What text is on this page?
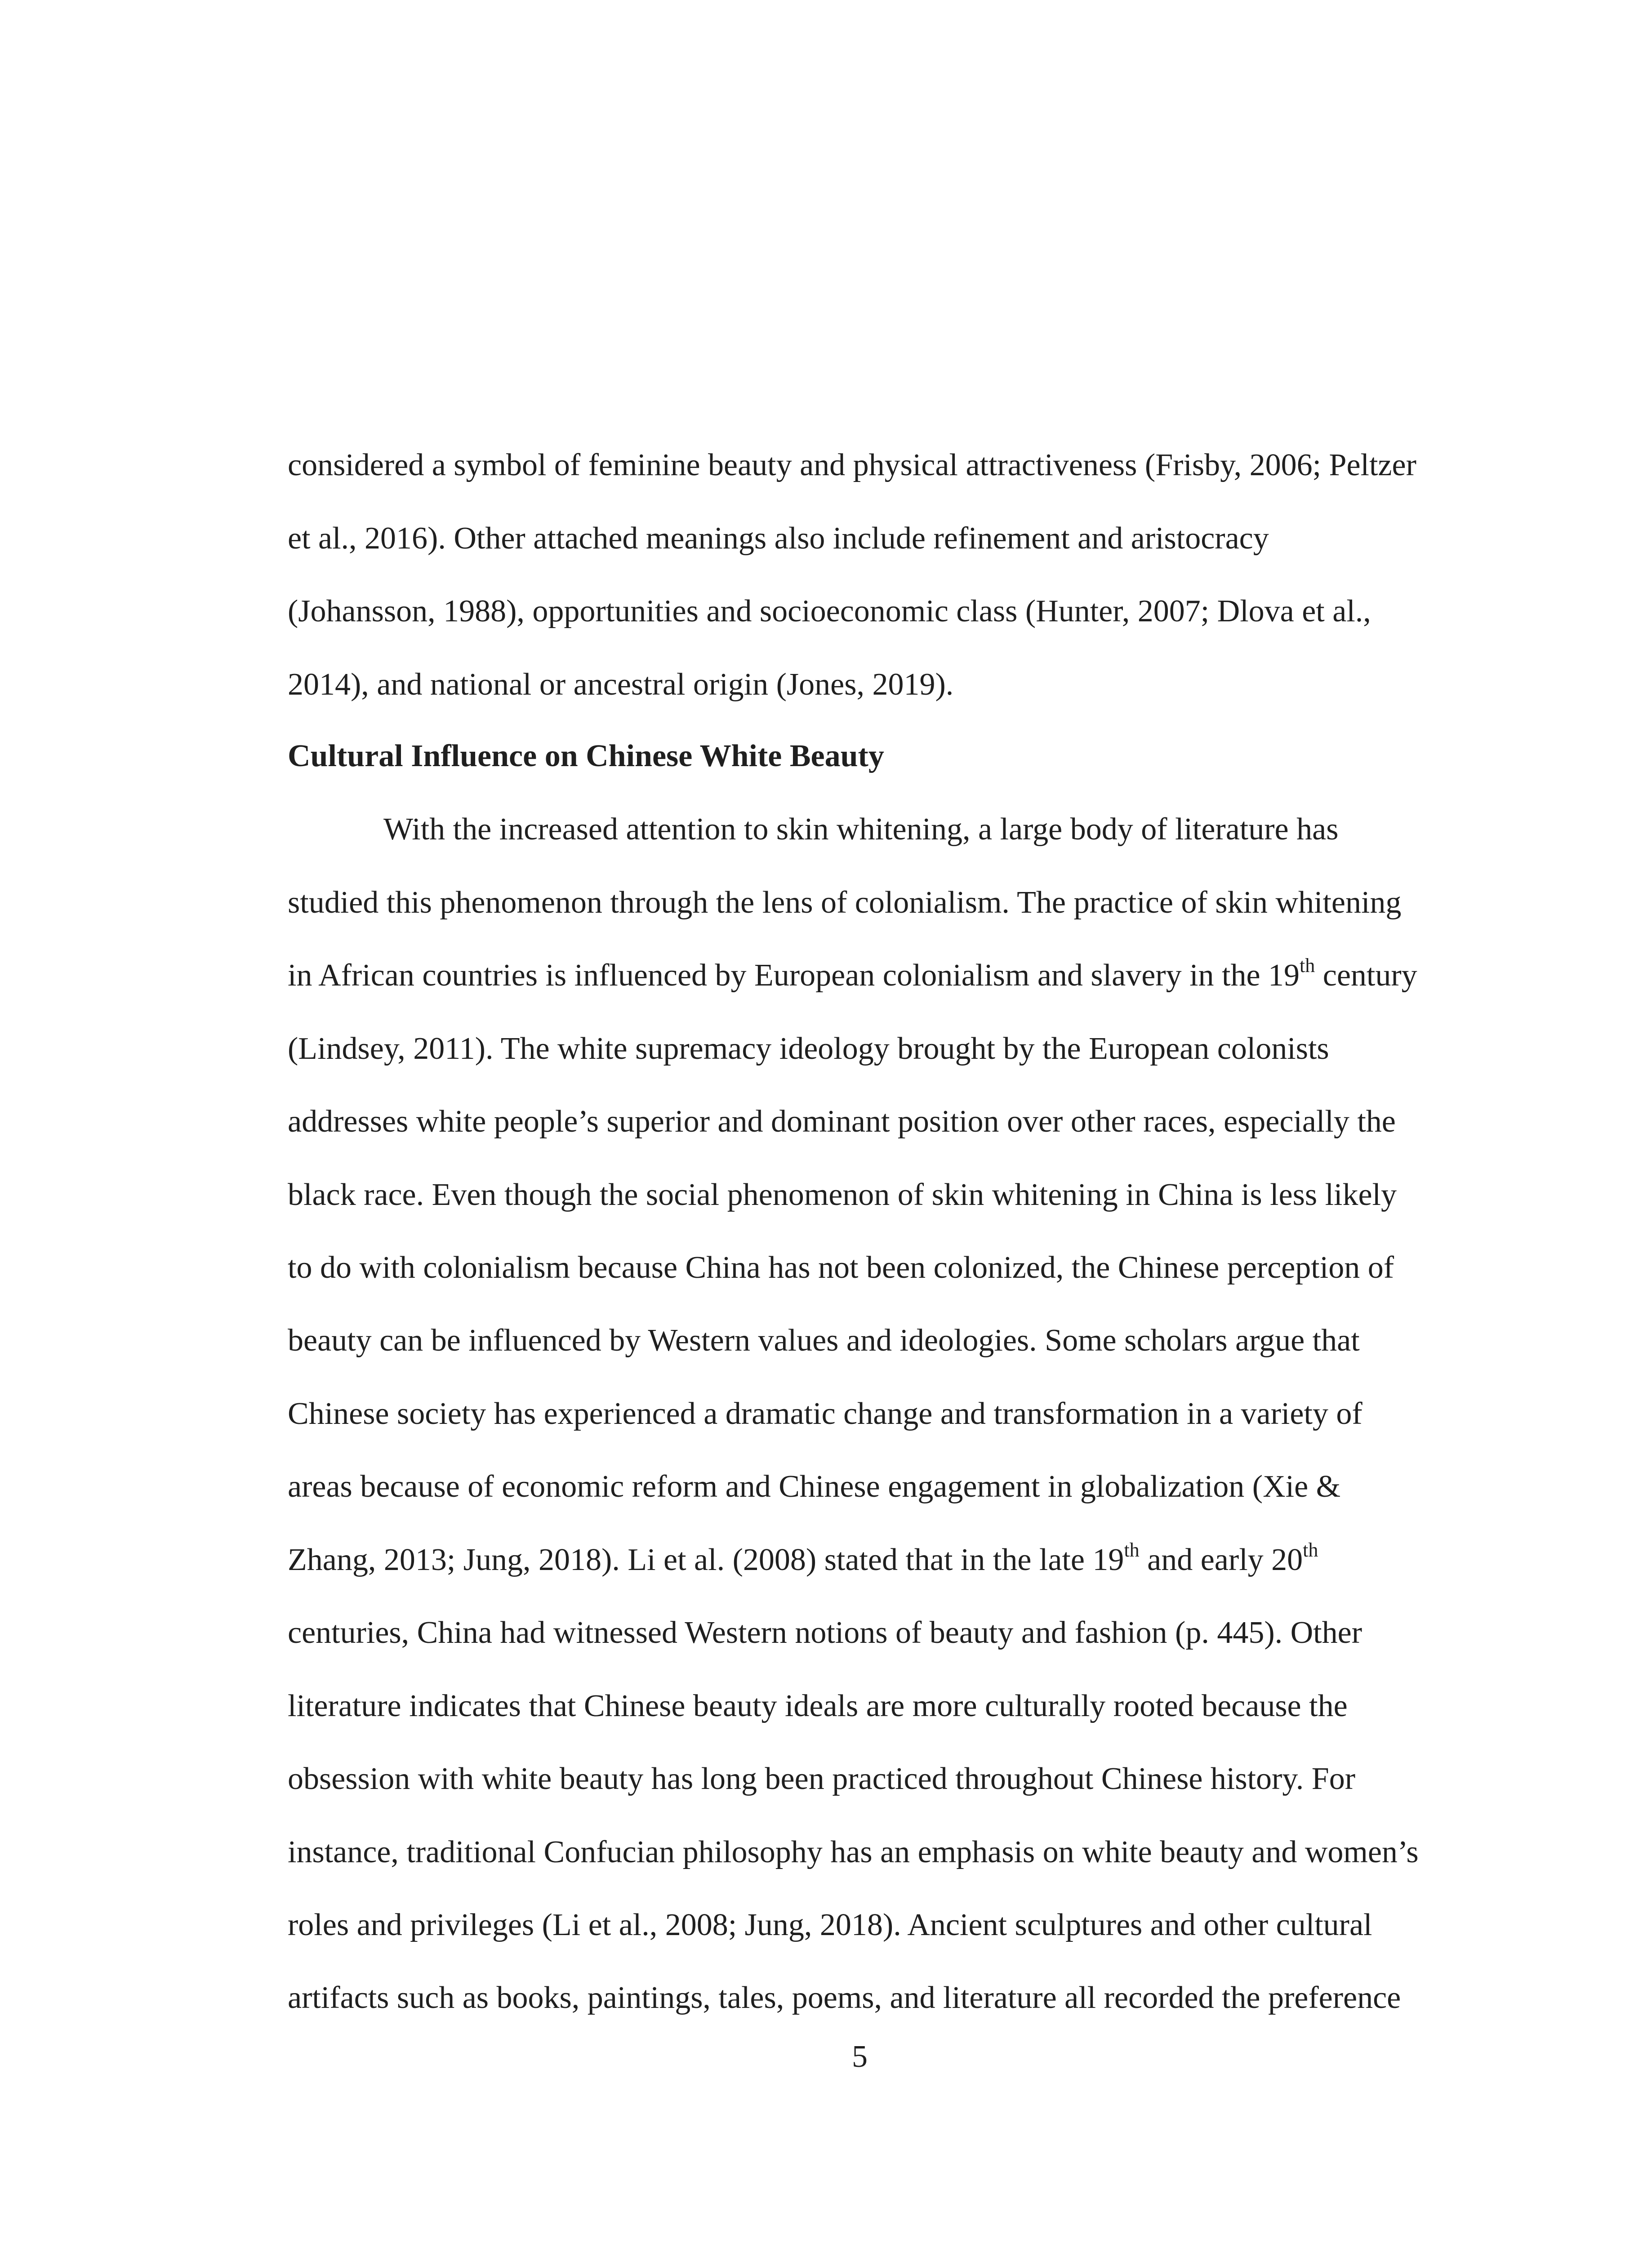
considered a symbol of feminine beauty and physical attractiveness (Frisby, 2006; Peltzer
et al., 2016). Other attached meanings also include refinement and aristocracy
(Johansson, 1988), opportunities and socioeconomic class (Hunter, 2007; Dlova et al.,
2014), and national or ancestral origin (Jones, 2019).
Cultural Influence on Chinese White Beauty
With the increased attention to skin whitening, a large body of literature has
studied this phenomenon through the lens of colonialism. The practice of skin whitening
in African countries is influenced by European colonialism and slavery in the 19th century
(Lindsey, 2011). The white supremacy ideology brought by the European colonists
addresses white people’s superior and dominant position over other races, especially the
black race. Even though the social phenomenon of skin whitening in China is less likely
to do with colonialism because China has not been colonized, the Chinese perception of
beauty can be influenced by Western values and ideologies. Some scholars argue that
Chinese society has experienced a dramatic change and transformation in a variety of
areas because of economic reform and Chinese engagement in globalization (Xie &
Zhang, 2013; Jung, 2018). Li et al. (2008) stated that in the late 19th and early 20th
centuries, China had witnessed Western notions of beauty and fashion (p. 445). Other
literature indicates that Chinese beauty ideals are more culturally rooted because the
obsession with white beauty has long been practiced throughout Chinese history. For
instance, traditional Confucian philosophy has an emphasis on white beauty and women’s
roles and privileges (Li et al., 2008; Jung, 2018). Ancient sculptures and other cultural
artifacts such as books, paintings, tales, poems, and literature all recorded the preference
5
